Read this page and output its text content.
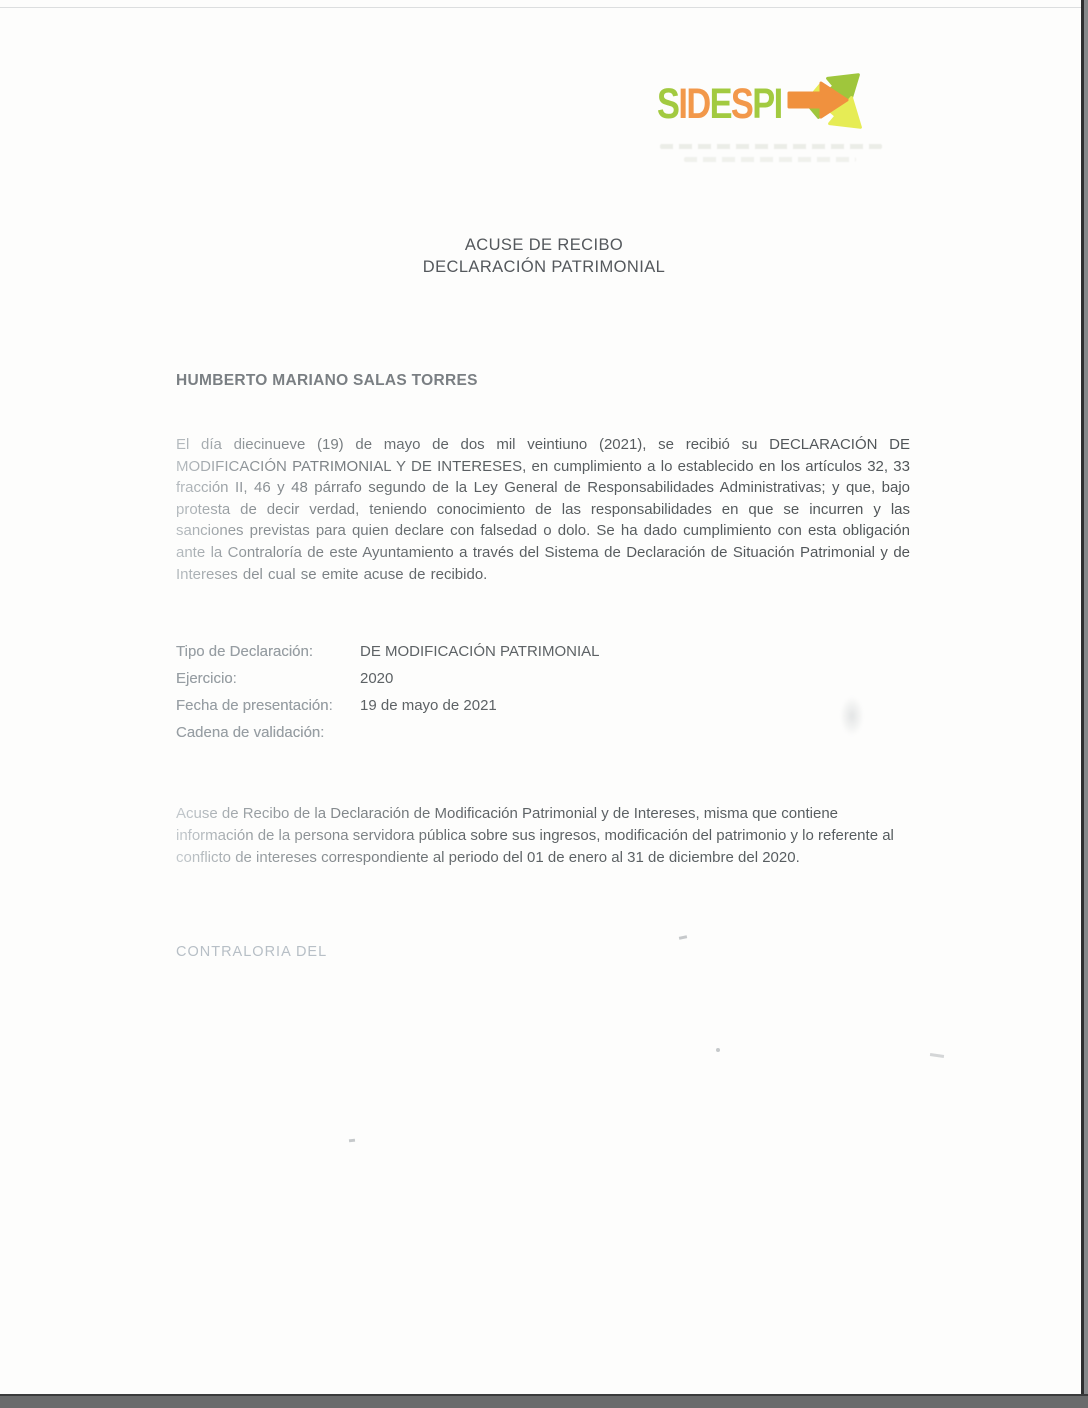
SIDESPI
ACUSE DE RECIBO
DECLARACIÓN PATRIMONIAL
HUMBERTO MARIANO SALAS TORRES
El día diecinueve (19) de mayo de dos mil veintiuno (2021), se recibió su DECLARACIÓN DE MODIFICACIÓN PATRIMONIAL Y DE INTERESES, en cumplimiento a lo establecido en los artículos 32, 33 fracción II, 46 y 48 párrafo segundo de la Ley General de Responsabilidades Administrativas; y que, bajo protesta de decir verdad, teniendo conocimiento de las responsabilidades en que se incurren y las sanciones previstas para quien declare con falsedad o dolo. Se ha dado cumplimiento con esta obligación ante la Contraloría de este Ayuntamiento a través del Sistema de Declaración de Situación Patrimonial y de Intereses del cual se emite acuse de recibido.
Tipo de Declaración:	DE MODIFICACIÓN PATRIMONIAL
Ejercicio:	2020
Fecha de presentación: 19 de mayo de 2021
Cadena de validación:
Acuse de Recibo de la Declaración de Modificación Patrimonial y de Intereses, misma que contiene información de la persona servidora pública sobre sus ingresos, modificación del patrimonio y lo referente al conflicto de intereses correspondiente al periodo del 01 de enero al 31 de diciembre del 2020.
CONTRALORIA DEL
